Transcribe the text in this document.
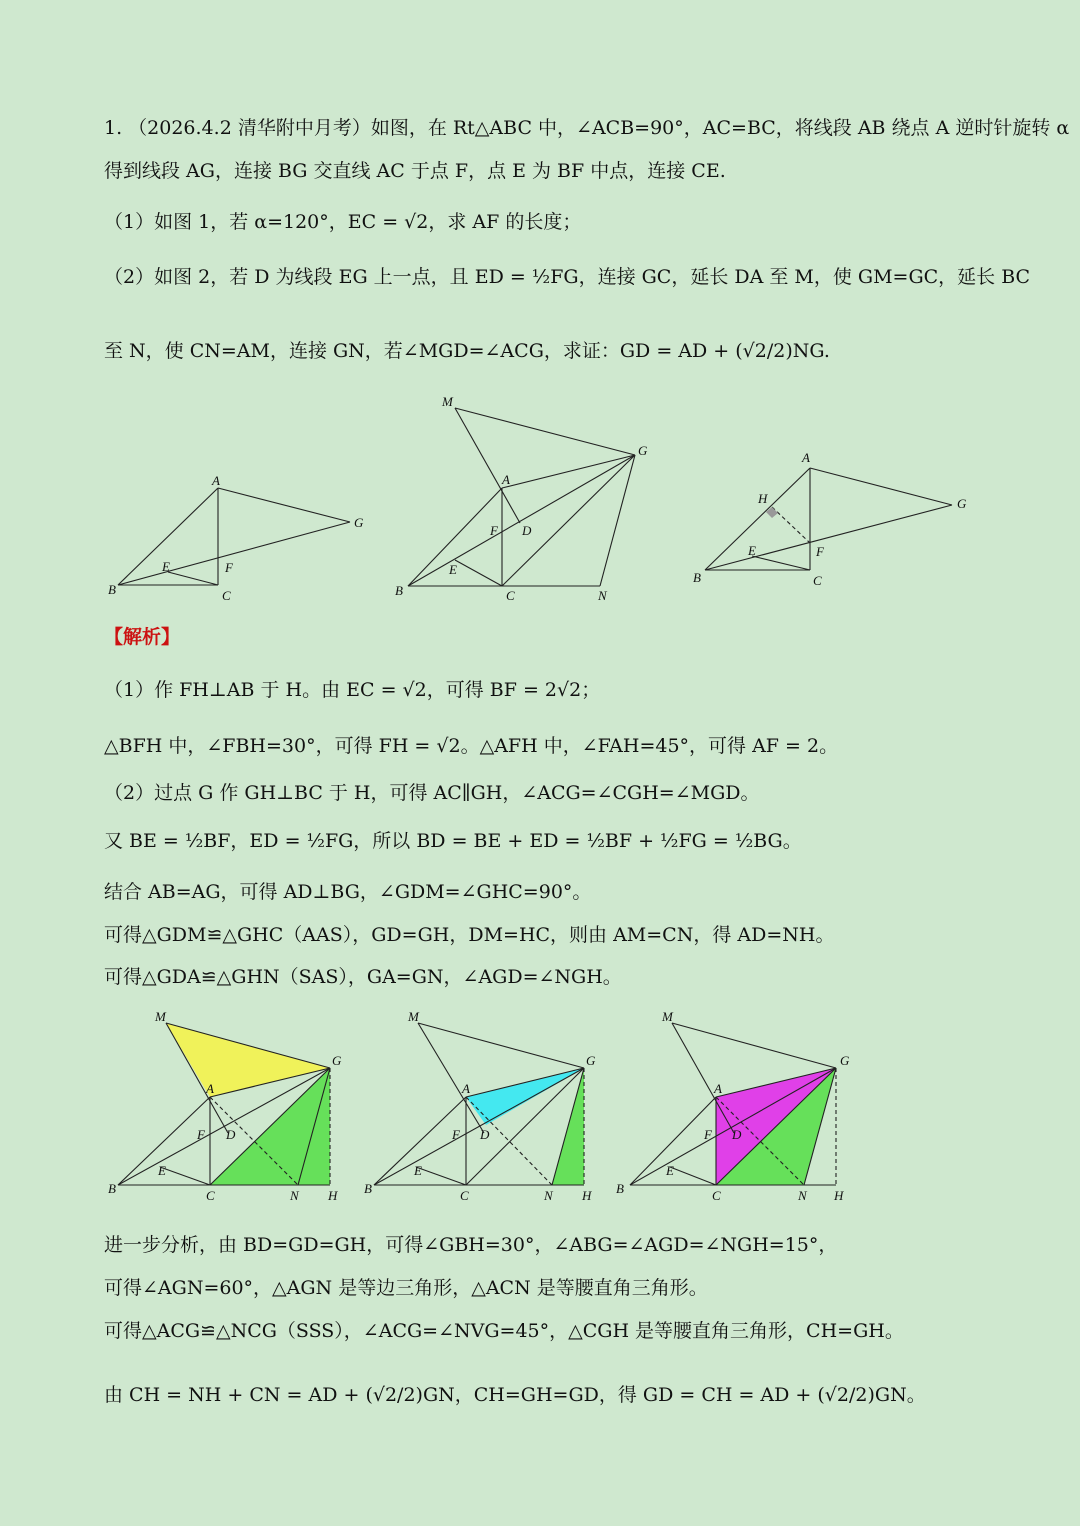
1. （2026.4.2 清华附中月考）如图，在 Rt△ABC 中，∠ACB=90°，AC=BC，将线段 AB 绕点 A 逆时针旋转 α
得到线段 AG，连接 BG 交直线 AC 于点 F，点 E 为 BF 中点，连接 CE.
（1）如图 1，若 α=120°，EC = √2，求 AF 的长度；
（2）如图 2，若 D 为线段 EG 上一点，且 ED = ½FG，连接 GC，延长 DA 至 M，使 GM=GC，延长 BC
至 N，使 CN=AM，连接 GN，若∠MGD=∠ACG，求证：GD = AD + (√2/2)NG.
B
A
C
G
E	F
B
A
C	N
G
M
E
F D
B
A
C
G
H
E	F
【解析】
（1）作 FH⊥AB 于 H。由 EC = √2，可得 BF = 2√2；
△BFH 中，∠FBH=30°，可得 FH = √2。△AFH 中，∠FAH=45°，可得 AF = 2。
（2）过点 G 作 GH⊥BC 于 H，可得 AC∥GH，∠ACG=∠CGH=∠MGD。
又 BE = ½BF，ED = ½FG，所以 BD = BE + ED = ½BF + ½FG = ½BG。
结合 AB=AG，可得 AD⊥BG，∠GDM=∠GHC=90°。
可得△GDM≌△GHC（AAS），GD=GH，DM=HC，则由 AM=CN，得 AD=NH。
可得△GDA≌△GHN（SAS），GA=GN，∠AGD=∠NGH。
B
A
C	N H
G
M
E
F D
B
A
C	N H
G
M
E
F D
B
A
C	N H
G
M
E
F D
进一步分析，由 BD=GD=GH，可得∠GBH=30°，∠ABG=∠AGD=∠NGH=15°，
可得∠AGN=60°，△AGN 是等边三角形，△ACN 是等腰直角三角形。
可得△ACG≌△NCG（SSS），∠ACG=∠NVG=45°，△CGH 是等腰直角三角形，CH=GH。
由 CH = NH + CN = AD + (√2/2)GN，CH=GH=GD，得 GD = CH = AD + (√2/2)GN。
